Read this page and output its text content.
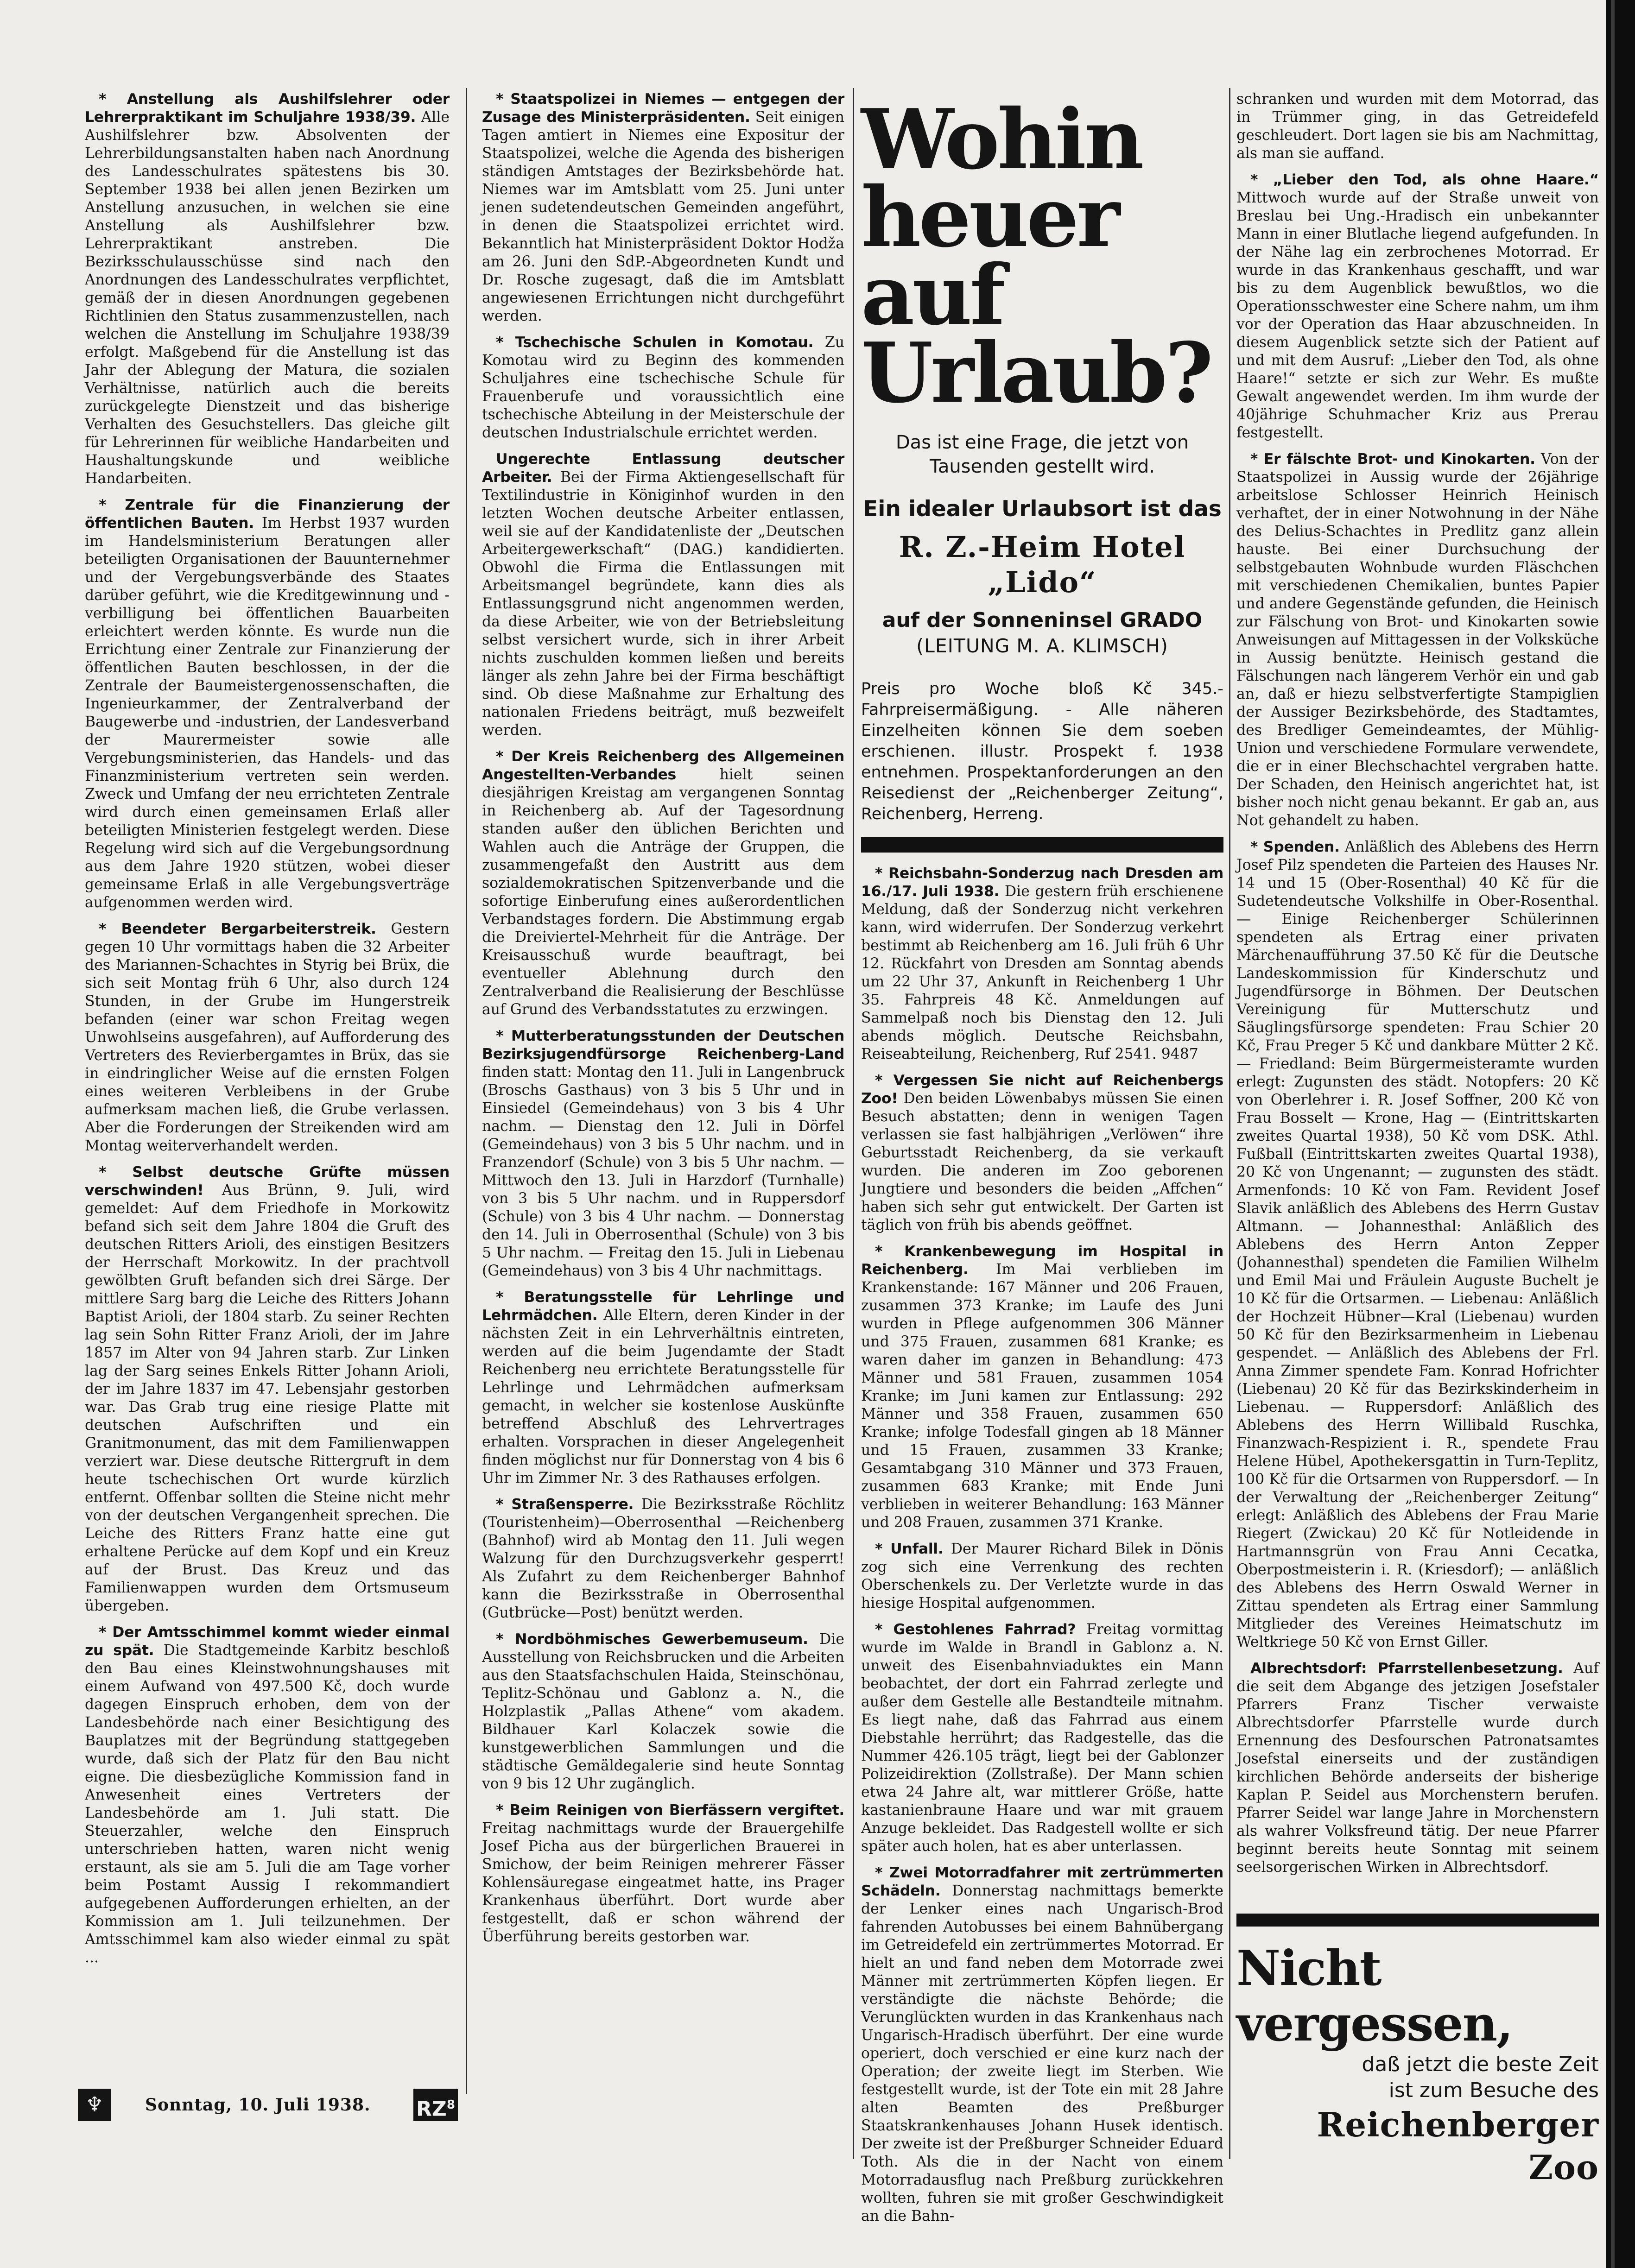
* Anstellung als Aushilfslehrer oder Lehrerpraktikant im Schuljahre 1938/39. Alle Aushilfslehrer bzw. Absolventen der Lehrerbildungsanstalten haben nach Anordnung des Landesschulrates spätestens bis 30. September 1938 bei allen jenen Bezirken um Anstellung anzusuchen, in welchen sie eine Anstellung als Aushilfslehrer bzw. Lehrerpraktikant anstreben. Die Bezirksschulausschüsse sind nach den Anordnungen des Landesschulrates verpflichtet, gemäß der in diesen Anordnungen gegebenen Richtlinien den Status zusammenzustellen, nach welchen die Anstellung im Schuljahre 1938/39 erfolgt. Maßgebend für die Anstellung ist das Jahr der Ablegung der Matura, die sozialen Verhältnisse, natürlich auch die bereits zurückgelegte Dienstzeit und das bisherige Verhalten des Gesuchstellers. Das gleiche gilt für Lehrerinnen für weibliche Handarbeiten und Haushaltungskunde und weibliche Handarbeiten.

* Zentrale für die Finanzierung der öffentlichen Bauten. Im Herbst 1937 wurden im Handelsministerium Beratungen aller beteiligten Organisationen der Bauunternehmer und der Vergebungsverbände des Staates darüber geführt, wie die Kreditgewinnung und -verbilligung bei öffentlichen Bauarbeiten erleichtert werden könnte. Es wurde nun die Errichtung einer Zentrale zur Finanzierung der öffentlichen Bauten beschlossen, in der die Zentrale der Baumeistergenossenschaften, die Ingenieurkammer, der Zentralverband der Baugewerbe und -industrien, der Landesverband der Maurermeister sowie alle Vergebungsministerien, das Handels- und das Finanzministerium vertreten sein werden. Zweck und Umfang der neu errichteten Zentrale wird durch einen gemeinsamen Erlaß aller beteiligten Ministerien festgelegt werden. Diese Regelung wird sich auf die Vergebungsordnung aus dem Jahre 1920 stützen, wobei dieser gemeinsame Erlaß in alle Vergebungsverträge aufgenommen werden wird.

* Beendeter Bergarbeiterstreik. Gestern gegen 10 Uhr vormittags haben die 32 Arbeiter des Mariannen-Schachtes in Styrig bei Brüx, die sich seit Montag früh 6 Uhr, also durch 124 Stunden, in der Grube im Hungerstreik befanden (einer war schon Freitag wegen Unwohlseins ausgefahren), auf Aufforderung des Vertreters des Revierbergamtes in Brüx, das sie in eindringlicher Weise auf die ernsten Folgen eines weiteren Verbleibens in der Grube aufmerksam machen ließ, die Grube verlassen. Aber die Forderungen der Streikenden wird am Montag weiterverhandelt werden.

* Selbst deutsche Grüfte müssen verschwinden! Aus Brünn, 9. Juli, wird gemeldet: Auf dem Friedhofe in Morkowitz befand sich seit dem Jahre 1804 die Gruft des deutschen Ritters Arioli, des einstigen Besitzers der Herrschaft Morkowitz. In der prachtvoll gewölbten Gruft befanden sich drei Särge. Der mittlere Sarg barg die Leiche des Ritters Johann Baptist Arioli, der 1804 starb. Zu seiner Rechten lag sein Sohn Ritter Franz Arioli, der im Jahre 1857 im Alter von 94 Jahren starb. Zur Linken lag der Sarg seines Enkels Ritter Johann Arioli, der im Jahre 1837 im 47. Lebensjahr gestorben war. Das Grab trug eine riesige Platte mit deutschen Aufschriften und ein Granitmonument, das mit dem Familienwappen verziert war. Diese deutsche Rittergruft in dem heute tschechischen Ort wurde kürzlich entfernt. Offenbar sollten die Steine nicht mehr von der deutschen Vergangenheit sprechen. Die Leiche des Ritters Franz hatte eine gut erhaltene Perücke auf dem Kopf und ein Kreuz auf der Brust. Das Kreuz und das Familienwappen wurden dem Ortsmuseum übergeben.

* Der Amtsschimmel kommt wieder einmal zu spät. Die Stadtgemeinde Karbitz beschloß den Bau eines Kleinstwohnungshauses mit einem Aufwand von 497.500 Kč, doch wurde dagegen Einspruch erhoben, dem von der Landesbehörde nach einer Besichtigung des Bauplatzes mit der Begründung stattgegeben wurde, daß sich der Platz für den Bau nicht eigne. Die diesbezügliche Kommission fand in Anwesenheit eines Vertreters der Landesbehörde am 1. Juli statt. Die Steuerzahler, welche den Einspruch unterschrieben hatten, waren nicht wenig erstaunt, als sie am 5. Juli die am Tage vorher beim Postamt Aussig I rekommandiert aufgegebenen Aufforderungen erhielten, an der Kommission am 1. Juli teilzunehmen. Der Amtsschimmel kam also wieder einmal zu spät ...

* Staatspolizei in Niemes — entgegen der Zusage des Ministerpräsidenten. Seit einigen Tagen amtiert in Niemes eine Expositur der Staatspolizei, welche die Agenda des bisherigen ständigen Amtstages der Bezirksbehörde hat. Niemes war im Amtsblatt vom 25. Juni unter jenen sudetendeutschen Gemeinden angeführt, in denen die Staatspolizei errichtet wird. Bekanntlich hat Ministerpräsident Doktor Hodža am 26. Juni den SdP.-Abgeordneten Kundt und Dr. Rosche zugesagt, daß die im Amtsblatt angewiesenen Errichtungen nicht durchgeführt werden.

* Tschechische Schulen in Komotau. Zu Komotau wird zu Beginn des kommenden Schuljahres eine tschechische Schule für Frauenberufe und voraussichtlich eine tschechische Abteilung in der Meisterschule der deutschen Industrialschule errichtet werden.

Ungerechte Entlassung deutscher Arbeiter. Bei der Firma Aktiengesellschaft für Textilindustrie in Königinhof wurden in den letzten Wochen deutsche Arbeiter entlassen, weil sie auf der Kandidatenliste der „Deutschen Arbeitergewerkschaft“ (DAG.) kandidierten. Obwohl die Firma die Entlassungen mit Arbeitsmangel begründete, kann dies als Entlassungsgrund nicht angenommen werden, da diese Arbeiter, wie von der Betriebsleitung selbst versichert wurde, sich in ihrer Arbeit nichts zuschulden kommen ließen und bereits länger als zehn Jahre bei der Firma beschäftigt sind. Ob diese Maßnahme zur Erhaltung des nationalen Friedens beiträgt, muß bezweifelt werden.

* Der Kreis Reichenberg des Allgemeinen Angestellten-Verbandes	hielt seinen diesjährigen Kreistag am vergangenen Sonntag in Reichenberg ab. Auf der Tagesordnung standen außer den üblichen Berichten und Wahlen auch die Anträge der Gruppen, die zusammengefaßt den Austritt aus dem sozialdemokratischen Spitzenverbande und die sofortige Einberufung eines außerordentlichen Verbandstages fordern. Die Abstimmung ergab die Dreiviertel-Mehrheit für die Anträge. Der Kreisausschuß wurde beauftragt, bei eventueller Ablehnung durch den Zentralverband die Realisierung der Beschlüsse auf Grund des Verbandsstatutes zu erzwingen.

* Mutterberatungsstunden der Deutschen Bezirksjugendfürsorge Reichenberg-Land finden statt: Montag den 11. Juli in Langenbruck (Broschs Gasthaus) von 3 bis 5 Uhr und in Einsiedel (Gemeindehaus) von 3 bis 4 Uhr nachm. — Dienstag den 12. Juli in Dörfel (Gemeindehaus) von 3 bis 5 Uhr nachm. und in Franzendorf (Schule) von 3 bis 5 Uhr nachm. — Mittwoch den 13. Juli in Harzdorf (Turnhalle) von 3 bis 5 Uhr nachm. und in Ruppersdorf (Schule) von 3 bis 4 Uhr nachm. — Donnerstag den 14. Juli in Oberrosenthal (Schule) von 3 bis 5 Uhr nachm. — Freitag den 15. Juli in Liebenau (Gemeindehaus) von 3 bis 4 Uhr nachmittags.

* Beratungsstelle für Lehrlinge und Lehrmädchen. Alle Eltern, deren Kinder in der nächsten Zeit in ein Lehrverhältnis eintreten, werden auf die beim Jugendamte der Stadt Reichenberg neu errichtete Beratungsstelle für Lehrlinge und Lehrmädchen aufmerksam gemacht, in welcher sie kostenlose Auskünfte betreffend Abschluß des Lehrvertrages erhalten. Vorsprachen in dieser Angelegenheit finden möglichst nur für Donnerstag von 4 bis 6 Uhr im Zimmer Nr. 3 des Rathauses erfolgen.

* Straßensperre. Die Bezirksstraße Röchlitz (Touristenheim)—Oberrosenthal —Reichenberg (Bahnhof) wird ab Montag den 11. Juli wegen Walzung für den Durchzugsverkehr gesperrt! Als Zufahrt zu dem Reichenberger Bahnhof kann die Bezirksstraße in Oberrosenthal (Gutbrücke—Post) benützt werden.

* Nordböhmisches Gewerbemuseum. Die Ausstellung von Reichsbrucken und die Arbeiten aus den Staatsfachschulen Haida, Steinschönau, Teplitz-Schönau und Gablonz a. N., die Holzplastik „Pallas Athene“ vom akadem. Bildhauer Karl Kolaczek sowie die kunstgewerblichen Sammlungen und die städtische Gemäldegalerie sind heute Sonntag von 9 bis 12 Uhr zugänglich.

* Beim Reinigen von Bierfässern vergiftet. Freitag nachmittags wurde der Brauergehilfe Josef Picha aus der bürgerlichen Brauerei in Smichow, der beim Reinigen mehrerer Fässer Kohlensäuregase eingeatmet hatte, ins Prager Krankenhaus überführt. Dort wurde aber festgestellt, daß er schon während der Überführung bereits gestorben war.

Wohin heuer auf Urlaub?
Das ist eine Frage, die jetzt von Tausenden gestellt wird.
Ein idealer Urlaubsort ist das
R. Z.-Heim Hotel „Lido“
auf der Sonneninsel GRADO
(LEITUNG M. A. KLIMSCH)
Preis pro Woche bloß Kč 345.- Fahrpreisermäßigung. - Alle näheren Einzelheiten können Sie dem soeben erschienen. illustr. Prospekt f. 1938 entnehmen. Prospektanforderungen an den Reisedienst der „Reichenberger Zeitung“, Reichenberg, Herreng.

* Reichsbahn-Sonderzug nach Dresden am 16./17. Juli 1938. Die gestern früh erschienene Meldung, daß der Sonderzug nicht verkehren kann, wird widerrufen. Der Sonderzug verkehrt bestimmt ab Reichenberg am 16. Juli früh 6 Uhr 12. Rückfahrt von Dresden am Sonntag abends um 22 Uhr 37, Ankunft in Reichenberg 1 Uhr 35. Fahrpreis 48 Kč. Anmeldungen auf Sammelpaß noch bis Dienstag den 12. Juli abends möglich. Deutsche Reichsbahn, Reiseabteilung, Reichenberg, Ruf 2541. 9487

* Vergessen Sie nicht auf Reichenbergs Zoo! Den beiden Löwenbabys müssen Sie einen Besuch abstatten; denn in wenigen Tagen verlassen sie fast halbjährigen „Verlöwen“ ihre Geburtsstadt Reichenberg, da sie verkauft wurden. Die anderen im Zoo geborenen Jungtiere und besonders die beiden „Affchen“ haben sich sehr gut entwickelt. Der Garten ist täglich von früh bis abends geöffnet.

* Krankenbewegung im Hospital in Reichenberg. Im Mai verblieben im Krankenstande: 167 Männer und 206 Frauen, zusammen 373 Kranke; im Laufe des Juni wurden in Pflege aufgenommen 306 Männer und 375 Frauen, zusammen 681 Kranke; es waren daher im ganzen in Behandlung: 473 Männer und 581 Frauen, zusammen 1054 Kranke; im Juni kamen zur Entlassung: 292 Männer und 358 Frauen, zusammen 650 Kranke; infolge Todesfall gingen ab 18 Männer und 15 Frauen, zusammen 33 Kranke; Gesamtabgang 310 Männer und 373 Frauen, zusammen 683 Kranke; mit Ende Juni verblieben in weiterer Behandlung: 163 Männer und 208 Frauen, zusammen 371 Kranke.

* Unfall. Der Maurer Richard Bilek in Dönis zog sich eine Verrenkung des rechten Oberschenkels zu. Der Verletzte wurde in das hiesige Hospital aufgenommen.

* Gestohlenes Fahrrad? Freitag vormittag wurde im Walde in Brandl in Gablonz a. N. unweit des Eisenbahnviaduktes ein Mann beobachtet, der dort ein Fahrrad zerlegte und außer dem Gestelle alle Bestandteile mitnahm. Es liegt nahe, daß das Fahrrad aus einem Diebstahle herrührt; das Radgestelle, das die Nummer 426.105 trägt, liegt bei der Gablonzer Polizeidirektion (Zollstraße). Der Mann schien etwa 24 Jahre alt, war mittlerer Größe, hatte kastanienbraune Haare und war mit grauem Anzuge bekleidet. Das Radgestell wollte er sich später auch holen, hat es aber unterlassen.

* Zwei Motorradfahrer mit zertrümmerten Schädeln. Donnerstag nachmittags bemerkte der Lenker eines nach Ungarisch-Brod fahrenden Autobusses bei einem Bahnübergang im Getreidefeld ein zertrümmertes Motorrad. Er hielt an und fand neben dem Motorrade zwei Männer mit zertrümmerten Köpfen liegen. Er verständigte die nächste Behörde; die Verunglückten wurden in das Krankenhaus nach Ungarisch-Hradisch überführt. Der eine wurde operiert, doch verschied er eine kurz nach der Operation; der zweite liegt im Sterben. Wie festgestellt wurde, ist der Tote ein mit 28 Jahre alten Beamten des Preßburger Staatskrankenhauses Johann Husek identisch. Der zweite ist der Preßburger Schneider Eduard Toth. Als die in der Nacht von einem Motorradausflug nach Preßburg zurückkehren wollten, fuhren sie mit großer Geschwindigkeit an die Bahn-

schranken und wurden mit dem Motorrad, das in Trümmer ging, in das Getreidefeld geschleudert. Dort lagen sie bis am Nachmittag, als man sie auffand.

* „Lieber den Tod, als ohne Haare.“ Mittwoch wurde auf der Straße unweit von Breslau bei Ung.-Hradisch ein unbekannter Mann in einer Blutlache liegend aufgefunden. In der Nähe lag ein zerbrochenes Motorrad. Er wurde in das Krankenhaus geschafft, und war bis zu dem Augenblick bewußtlos, wo die Operationsschwester eine Schere nahm, um ihm vor der Operation das Haar abzuschneiden. In diesem Augenblick setzte sich der Patient auf und mit dem Ausruf: „Lieber den Tod, als ohne Haare!“ setzte er sich zur Wehr. Es mußte Gewalt angewendet werden. Im ihm wurde der 40jährige Schuhmacher Kriz aus Prerau festgestellt.

* Er fälschte Brot- und Kinokarten. Von der Staatspolizei in Aussig wurde der 26jährige arbeitslose Schlosser Heinrich Heinisch verhaftet, der in einer Notwohnung in der Nähe des Delius-Schachtes in Predlitz ganz allein hauste. Bei einer Durchsuchung der selbstgebauten Wohnbude wurden Fläschchen mit verschiedenen Chemikalien, buntes Papier und andere Gegenstände gefunden, die Heinisch zur Fälschung von Brot- und Kinokarten sowie Anweisungen auf Mittagessen in der Volksküche in Aussig benützte. Heinisch gestand die Fälschungen nach längerem Verhör ein und gab an, daß er hiezu selbstverfertigte Stampiglien der Aussiger Bezirksbehörde, des Stadtamtes, des Bredliger Gemeindeamtes, der Mühlig-Union und verschiedene Formulare verwendete, die er in einer Blechschachtel vergraben hatte. Der Schaden, den Heinisch angerichtet hat, ist bisher noch nicht genau bekannt. Er gab an, aus Not gehandelt zu haben.

* Spenden. Anläßlich des Ablebens des Herrn Josef Pilz spendeten die Parteien des Hauses Nr. 14 und 15 (Ober-Rosenthal) 40 Kč für die Sudetendeutsche Volkshilfe in Ober-Rosenthal. — Einige Reichenberger Schülerinnen spendeten als Ertrag einer privaten Märchenaufführung 37.50 Kč für die Deutsche Landeskommission für Kinderschutz und Jugendfürsorge in Böhmen. Der Deutschen Vereinigung für Mutterschutz und Säuglingsfürsorge spendeten: Frau Schier 20 Kč, Frau Preger 5 Kč und dankbare Mütter 2 Kč. — Friedland: Beim Bürgermeisteramte wurden erlegt: Zugunsten des städt. Notopfers: 20 Kč von Oberlehrer i. R. Josef Soffner, 200 Kč von Frau Bosselt — Krone, Hag — (Eintrittskarten zweites Quartal 1938), 50 Kč vom DSK. Athl. Fußball (Eintrittskarten zweites Quartal 1938), 20 Kč von Ungenannt; — zugunsten des städt. Armenfonds: 10 Kč von Fam. Revident Josef Slavik anläßlich des Ablebens des Herrn Gustav Altmann. — Johannesthal: Anläßlich des Ablebens des Herrn Anton Zepper (Johannesthal) spendeten die Familien Wilhelm und Emil Mai und Fräulein Auguste Buchelt je 10 Kč für die Ortsarmen. — Liebenau: Anläßlich der Hochzeit Hübner—Kral (Liebenau) wurden 50 Kč für den Bezirksarmenheim in Liebenau gespendet. — Anläßlich des Ablebens der Frl. Anna Zimmer spendete Fam. Konrad Hofrichter (Liebenau) 20 Kč für das Bezirkskinderheim in Liebenau. — Ruppersdorf: Anläßlich des Ablebens des Herrn Willibald Ruschka, Finanzwach-Respizient i. R., spendete Frau Helene Hübel, Apothekersgattin in Turn-Teplitz, 100 Kč für die Ortsarmen von Ruppersdorf. — In der Verwaltung der „Reichenberger Zeitung“ erlegt: Anläßlich des Ablebens der Frau Marie Riegert (Zwickau) 20 Kč für Notleidende in Hartmannsgrün von Frau Anni Cecatka, Oberpostmeisterin i. R. (Kriesdorf); — anläßlich des Ablebens des Herrn Oswald Werner in Zittau spendeten als Ertrag einer Sammlung Mitglieder des Vereines Heimatschutz im Weltkriege 50 Kč von Ernst Giller.

Albrechtsdorf: Pfarrstellenbesetzung. Auf die seit dem Abgange des jetzigen Josefstaler Pfarrers Franz Tischer verwaiste Albrechtsdorfer Pfarrstelle wurde durch Ernennung des Desfourschen Patronatsamtes Josefstal einerseits und der zuständigen kirchlichen Behörde anderseits der bisherige Kaplan P. Seidel aus Morchenstern berufen. Pfarrer Seidel war lange Jahre in Morchenstern als wahrer Volksfreund tätig. Der neue Pfarrer beginnt bereits heute Sonntag mit seinem seelsorgerischen Wirken in Albrechtsdorf.

Nicht vergessen,
daß jetzt die beste Zeit
ist zum Besuche des
Reichenberger Zoo
♆	Sonntag, 10. Juli 1938. $RZ^8$
